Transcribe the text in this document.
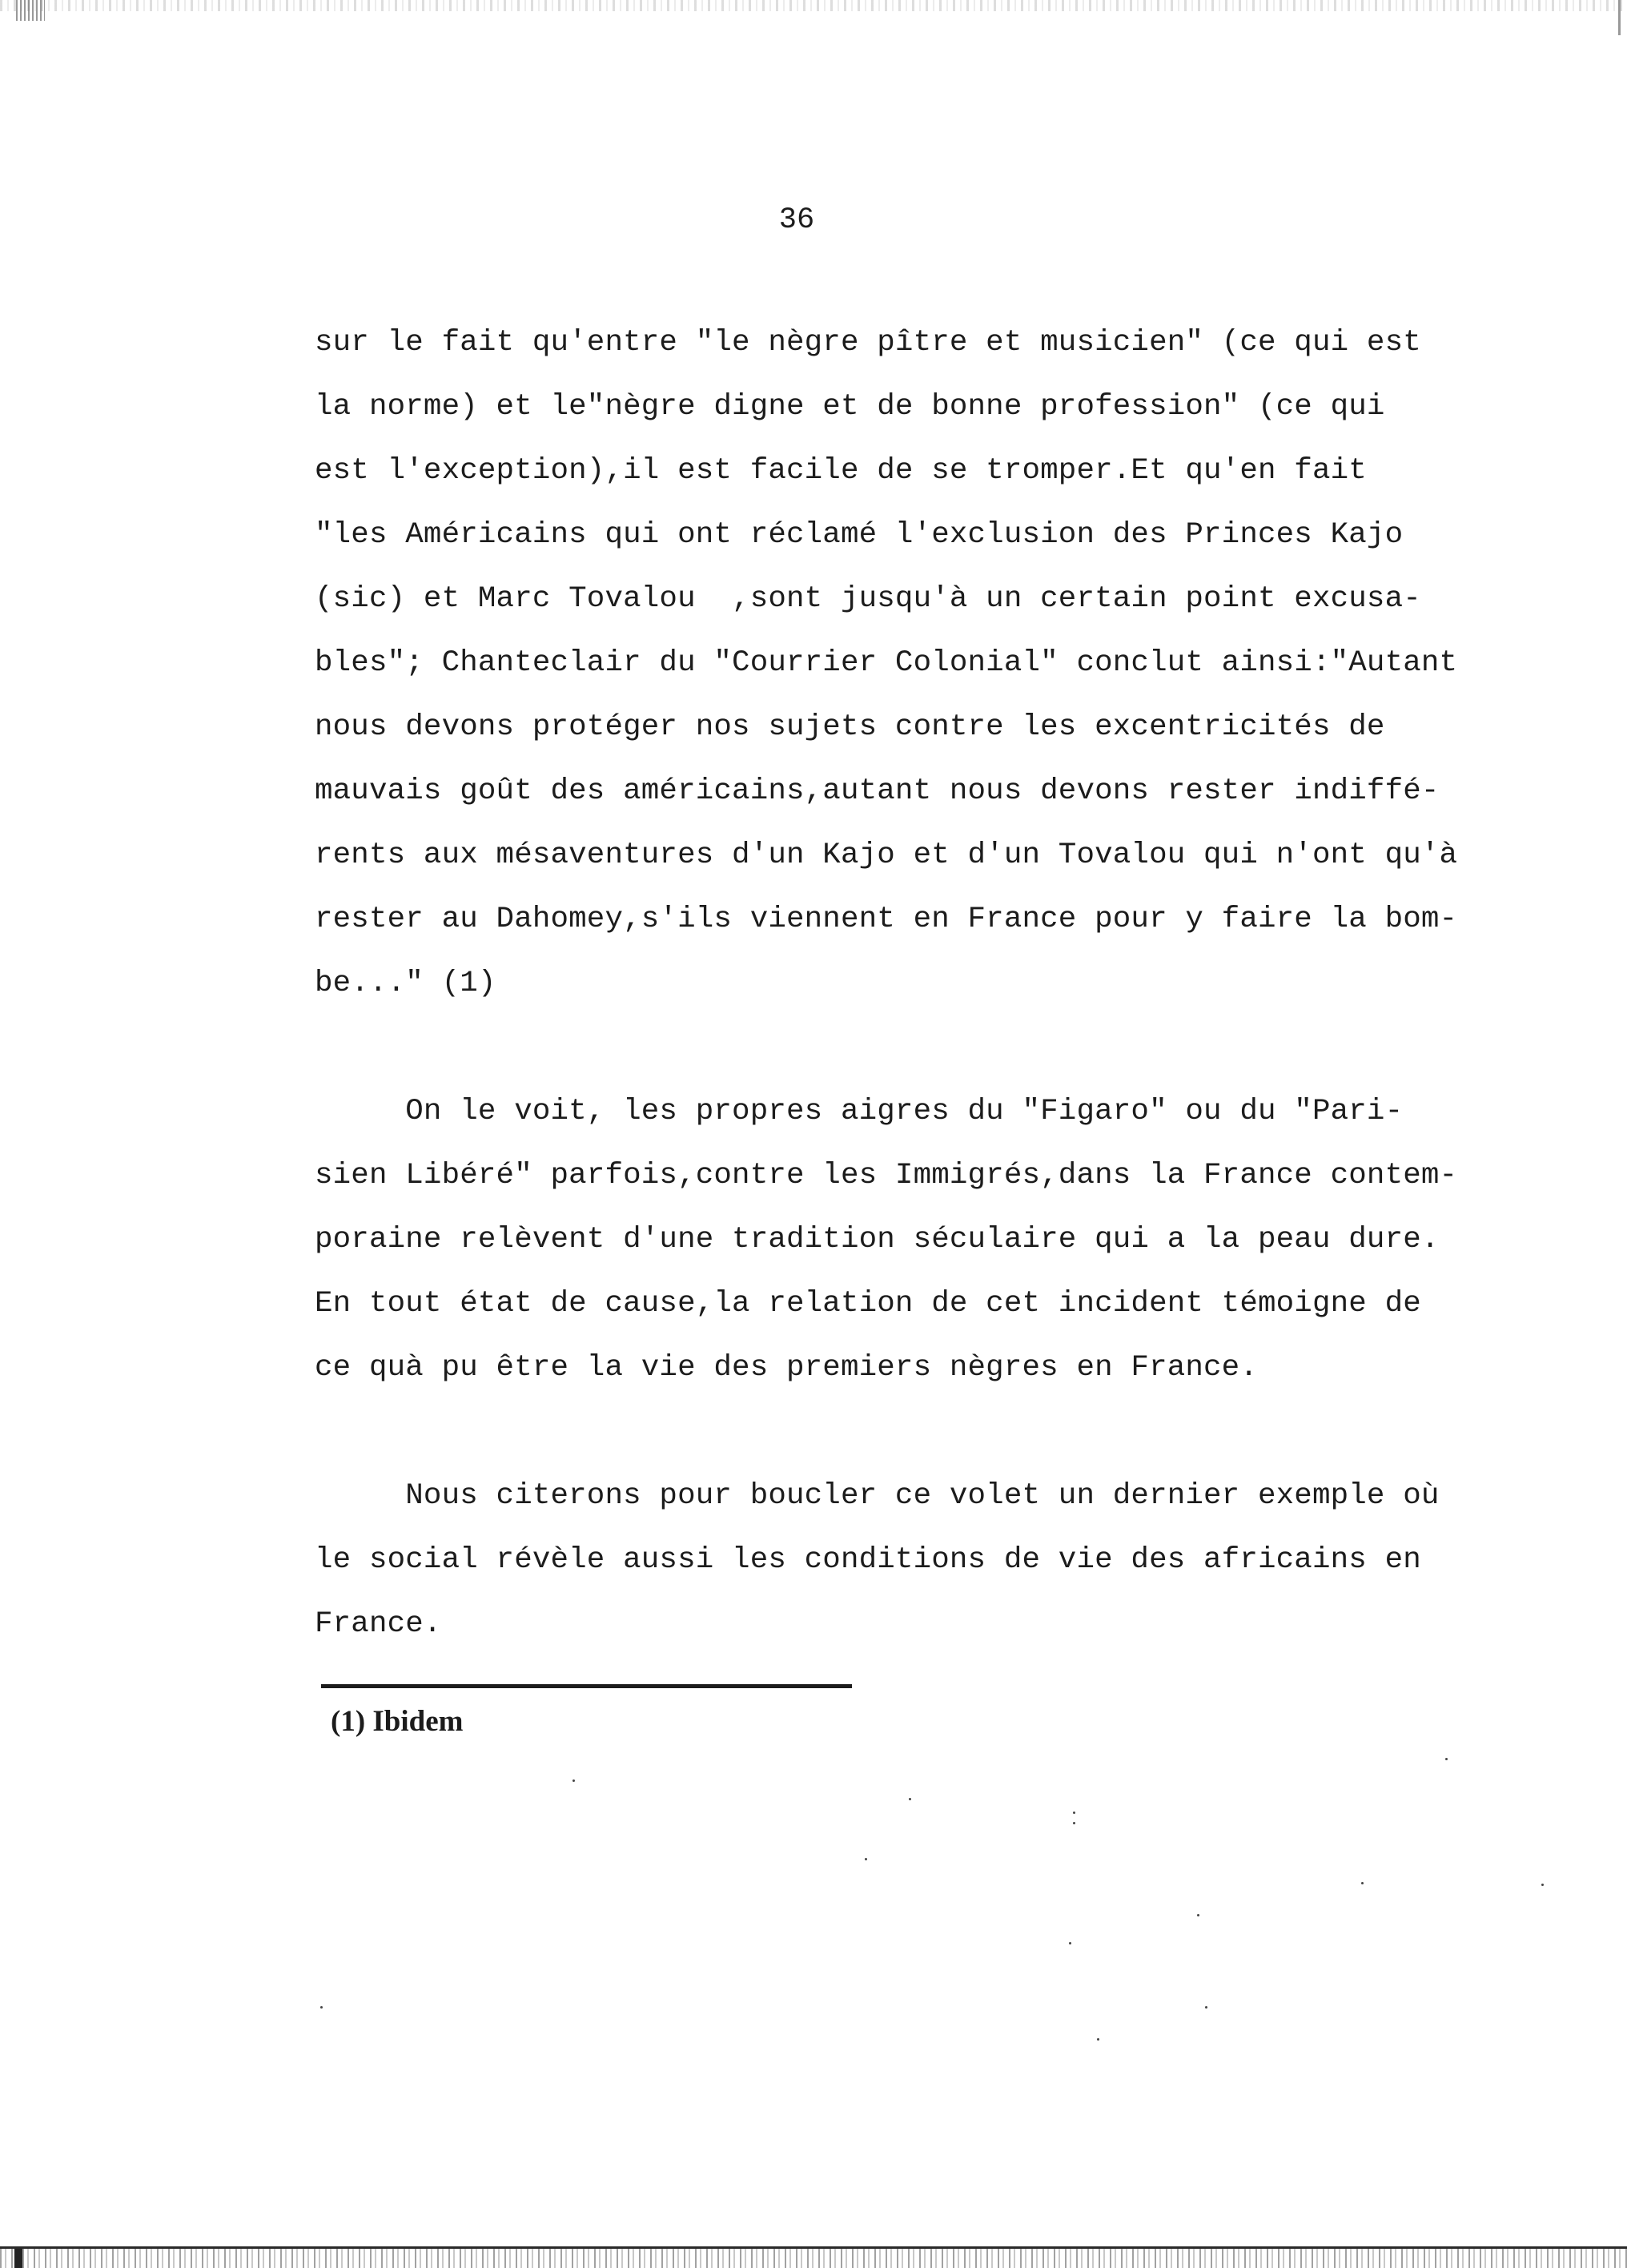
36
sur le fait qu'entre "le nègre pître et musicien" (ce qui est
la norme) et le"nègre digne et de bonne profession" (ce qui
est l'exception),il est facile de se tromper.Et qu'en fait
"les Américains qui ont réclamé l'exclusion des Princes Kajo
(sic) et Marc Tovalou  ,sont jusqu'à un certain point excusa-
bles"; Chanteclair du "Courrier Colonial" conclut ainsi:"Autant
nous devons protéger nos sujets contre les excentricités de
mauvais goût des américains,autant nous devons rester indiffé-
rents aux mésaventures d'un Kajo et d'un Tovalou qui n'ont qu'à
rester au Dahomey,s'ils viennent en France pour y faire la bom-
be..." (1)
On le voit, les propres aigres du "Figaro" ou du "Pari-
sien Libéré" parfois,contre les Immigrés,dans la France contem-
poraine relèvent d'une tradition séculaire qui a la peau dure.
En tout état de cause,la relation de cet incident témoigne de
ce quà pu être la vie des premiers nègres en France.
Nous citerons pour boucler ce volet un dernier exemple où
le social révèle aussi les conditions de vie des africains en
France.
(1) Ibidem
